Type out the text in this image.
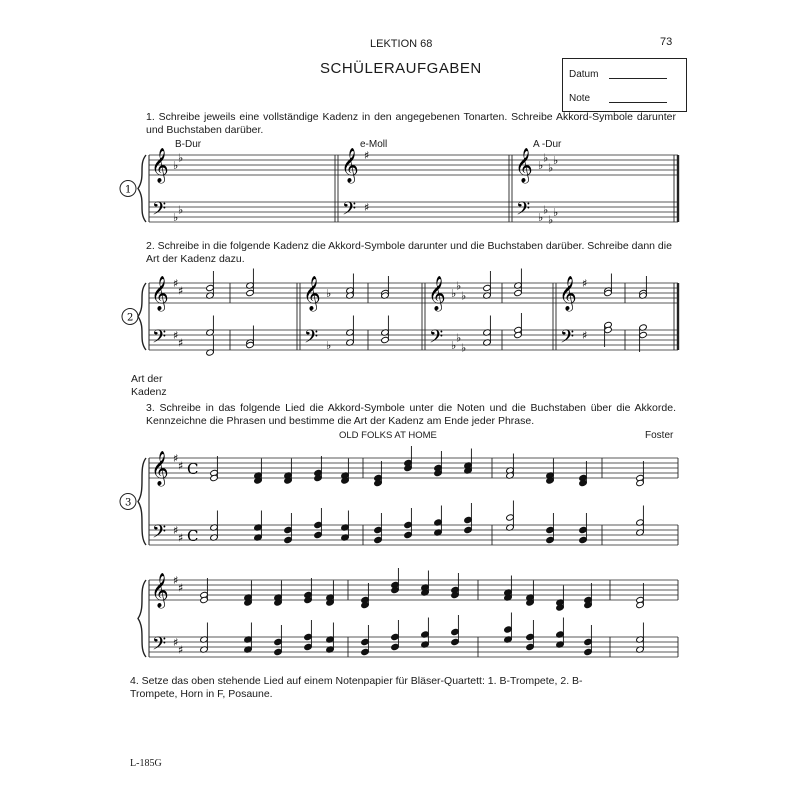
LEKTION 68	73
SCHÜLERAUFGABEN	Datum
Note
1. Schreibe jeweils eine vollständige Kadenz in den angegebenen Tonarten. Schreibe Akkord-Symbole darunter und Buchstaben darüber.
B-Dur	e-Moll	A -Dur
2. Schreibe in die folgende Kadenz die Akkord-Symbole darunter und die Buchstaben darüber. Schreibe dann die Art der Kadenz dazu.
Art der Kadenz
3. Schreibe in das folgende Lied die Akkord-Symbole unter die Noten und die Buchstaben über die Akkorde. Kennzeichne die Phrasen und bestimme die Art der Kadenz am Ende jeder Phrase.
OLD FOLKS AT HOME	Foster
4. Setze das oben stehende Lied auf einem Notenpapier für Bläser-Quartett: 1. B-Trompete, 2. B-Trompete, Horn in F, Posaune.
L-185G
1
𝄞
𝄢
♭
♭
♭
♭
𝄞
𝄢
♯
♯
𝄞
𝄢
♭
♭
♭
♭
♭
♭
♭
♭
2
𝄞
𝄢
♯
♯
♯
♯
𝄞
𝄢
♭
♭
𝄞
𝄢
♭
♭
♭
♭
♭
♭
𝄞
𝄢
♯
♯
3
𝄞
𝄢
♯
♯
♯
♯
C
C
𝄞
𝄢
♯
♯
♯
♯
